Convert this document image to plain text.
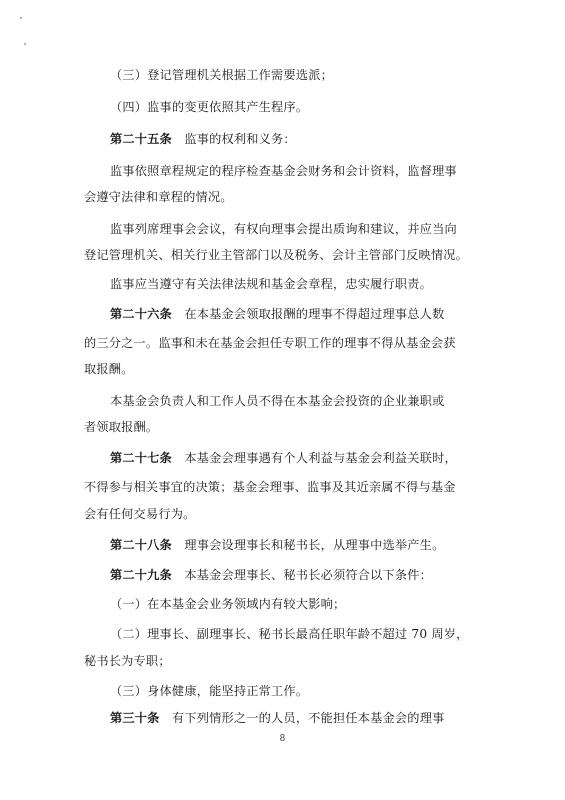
（三）登记管理机关根据工作需要选派；
（四）监事的变更依照其产生程序。
第二十五条　监事的权利和义务：
监事依照章程规定的程序检查基金会财务和会计资料，监督理事
会遵守法律和章程的情况。
监事列席理事会会议，有权向理事会提出质询和建议，并应当向
登记管理机关、相关行业主管部门以及税务、会计主管部门反映情况。
监事应当遵守有关法律法规和基金会章程，忠实履行职责。
第二十六条　在本基金会领取报酬的理事不得超过理事总人数
的三分之一。监事和未在基金会担任专职工作的理事不得从基金会获
取报酬。
本基金会负责人和工作人员不得在本基金会投资的企业兼职或
者领取报酬。
第二十七条　本基金会理事遇有个人利益与基金会利益关联时，
不得参与相关事宜的决策；基金会理事、监事及其近亲属不得与基金
会有任何交易行为。
第二十八条　理事会设理事长和秘书长，从理事中选举产生。
第二十九条　本基金会理事长、秘书长必须符合以下条件：
（一）在本基金会业务领域内有较大影响；
（二）理事长、副理事长、秘书长最高任职年龄不超过 70 周岁，
秘书长为专职；
（三）身体健康，能坚持正常工作。
第三十条　有下列情形之一的人员，不能担任本基金会的理事
8
